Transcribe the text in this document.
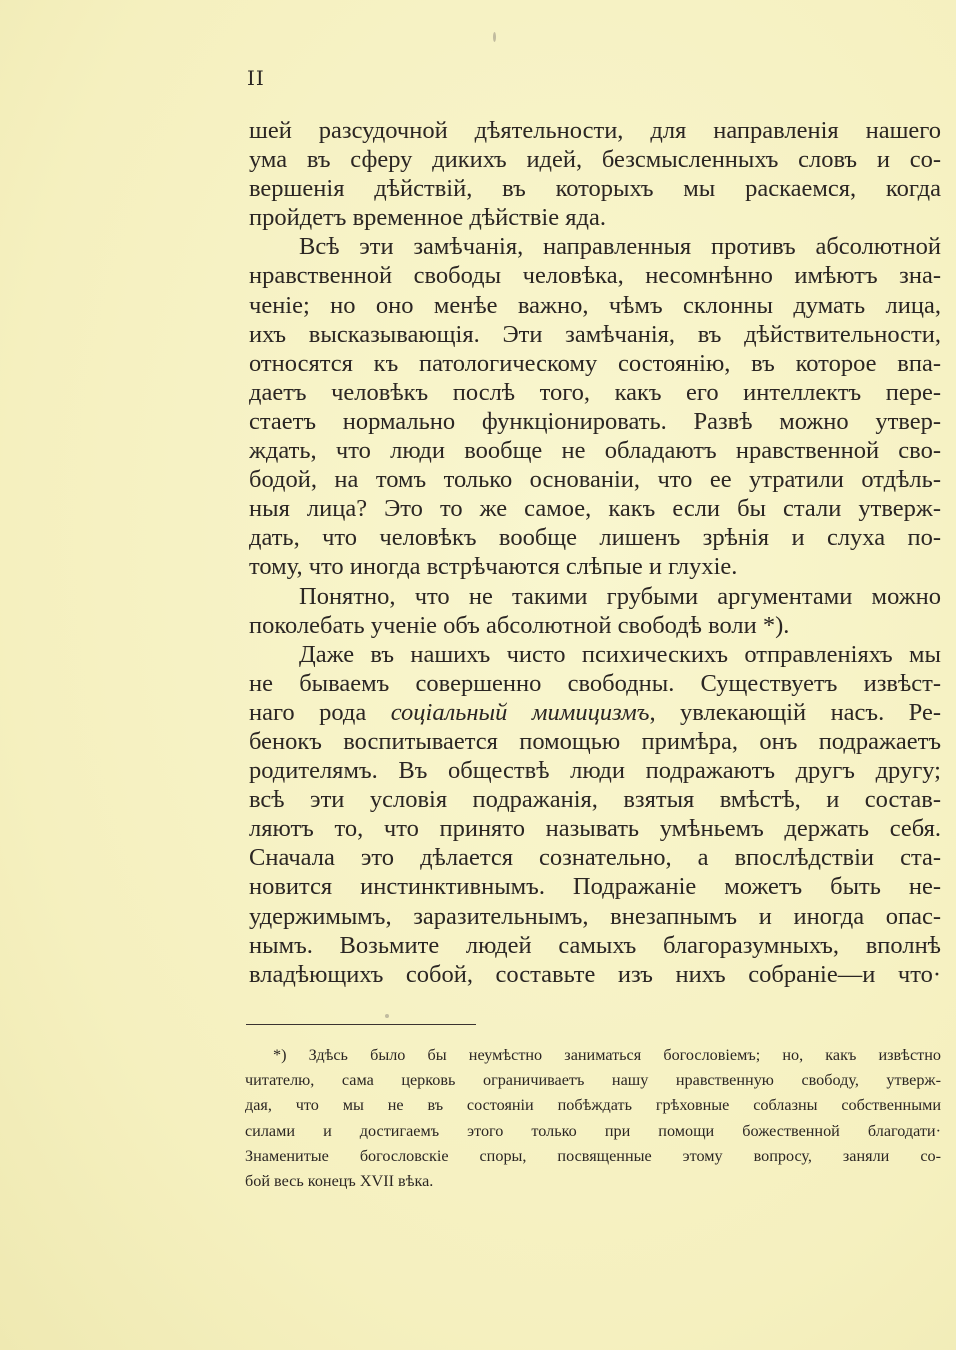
II
шей разсудочной дѣятельности, для направленія нашего
ума въ сферу дикихъ идей, безсмысленныхъ словъ и со-
вершенія дѣйствій, въ которыхъ мы раскаемся, когда
пройдетъ временное дѣйствіе яда.
Всѣ эти замѣчанія, направленныя противъ абсолютной
нравственной свободы человѣка, несомнѣнно имѣютъ зна-
ченіе; но оно менѣе важно, чѣмъ склонны думать лица,
ихъ высказывающія. Эти замѣчанія, въ дѣйствительности,
относятся къ патологическому состоянію, въ которое впа-
даетъ человѣкъ послѣ того, какъ его интеллектъ пере-
стаетъ нормально функціонировать. Развѣ можно утвер-
ждать, что люди вообще не обладаютъ нравственной сво-
бодой, на томъ только основаніи, что ее утратили отдѣль-
ныя лица? Это то же самое, какъ если бы стали утверж-
дать, что человѣкъ вообще лишенъ зрѣнія и слуха по-
тому, что иногда встрѣчаются слѣпые и глухіе.
Понятно, что не такими грубыми аргументами можно
поколебать ученіе объ абсолютной свободѣ воли *).
Даже въ нашихъ чисто психическихъ отправленіяхъ мы
не бываемъ совершенно свободны. Существуетъ извѣст-
наго рода соціальный мимицизмъ, увлекающій насъ. Ре-
бенокъ воспитывается помощью примѣра, онъ подражаетъ
родителямъ. Въ обществѣ люди подражаютъ другъ другу;
всѣ эти условія подражанія, взятыя вмѣстѣ, и состав-
ляютъ то, что принято называть умѣньемъ держать себя.
Сначала это дѣлается сознательно, а впослѣдствіи ста-
новится инстинктивнымъ. Подражаніе можетъ быть не-
удержимымъ, заразительнымъ, внезапнымъ и иногда опас-
нымъ. Возьмите людей самыхъ благоразумныхъ, вполнѣ
владѣющихъ собой, составьте изъ нихъ собраніе—и что·
*) Здѣсь было бы неумѣстно заниматься богословіемъ; но, какъ извѣстно
читателю, сама церковь ограничиваетъ нашу нравственную свободу, утверж-
дая, что мы не въ состояніи побѣждать грѣховные соблазны собственными
силами и достигаемъ этого только при помощи божественной благодати·
Знаменитые богословскіе споры, посвященные этому вопросу, заняли со-
бой весь конецъ XVII вѣка.
